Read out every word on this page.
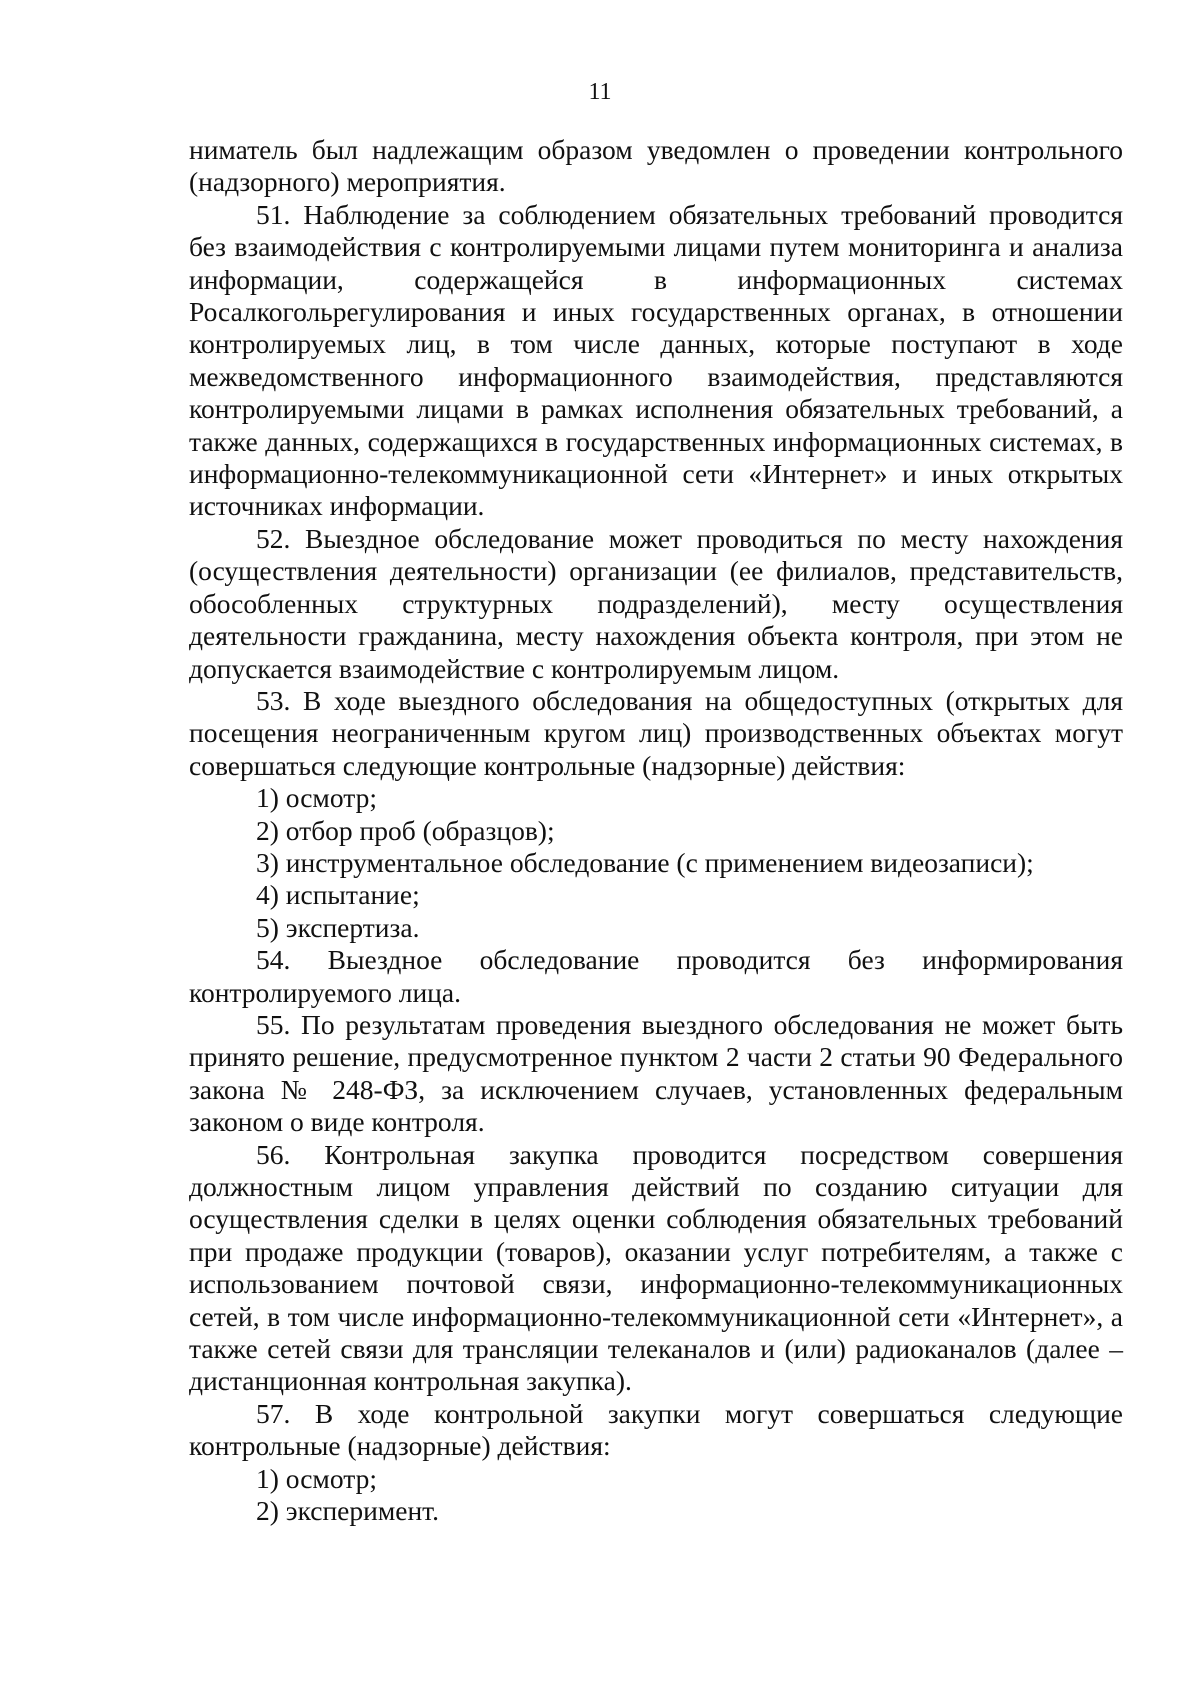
11

ниматель был надлежащим образом уведомлен о проведении контрольного (надзорного) мероприятия.

51. Наблюдение за соблюдением обязательных требований проводится без взаимодействия с контролируемыми лицами путем мониторинга и анализа информации, содержащейся в информационных системах Росалкогольрегулирования и иных государственных органах, в отношении контролируемых лиц, в том числе данных, которые поступают в ходе межведомственного информационного взаимодействия, представляются контролируемыми лицами в рамках исполнения обязательных требований, а также данных, содержащихся в государственных информационных системах, в информационно-телекоммуникационной сети «Интернет» и иных открытых источниках информации.

52. Выездное обследование может проводиться по месту нахождения (осуществления деятельности) организации (ее филиалов, представительств, обособленных структурных подразделений), месту осуществления деятельности гражданина, месту нахождения объекта контроля, при этом не допускается взаимодействие с контролируемым лицом.

53. В ходе выездного обследования на общедоступных (открытых для посещения неограниченным кругом лиц) производственных объектах могут совершаться следующие контрольные (надзорные) действия:

1) осмотр;

2) отбор проб (образцов);

3) инструментальное обследование (с применением видеозаписи);

4) испытание;

5) экспертиза.

54. Выездное обследование проводится без информирования контролируемого лица.

55. По результатам проведения выездного обследования не может быть принято решение, предусмотренное пунктом 2 части 2 статьи 90 Федерального закона № 248-ФЗ, за исключением случаев, установленных федеральным законом о виде контроля.

56. Контрольная закупка проводится посредством совершения должностным лицом управления действий по созданию ситуации для осуществления сделки в целях оценки соблюдения обязательных требований при продаже продукции (товаров), оказании услуг потребителям, а также с использованием почтовой связи, информационно-телекоммуникационных сетей, в том числе информационно-телекоммуникационной сети «Интернет», а также сетей связи для трансляции телеканалов и (или) радиоканалов (далее – дистанционная контрольная закупка).

57. В ходе контрольной закупки могут совершаться следующие контрольные (надзорные) действия:

1) осмотр;

2) эксперимент.
